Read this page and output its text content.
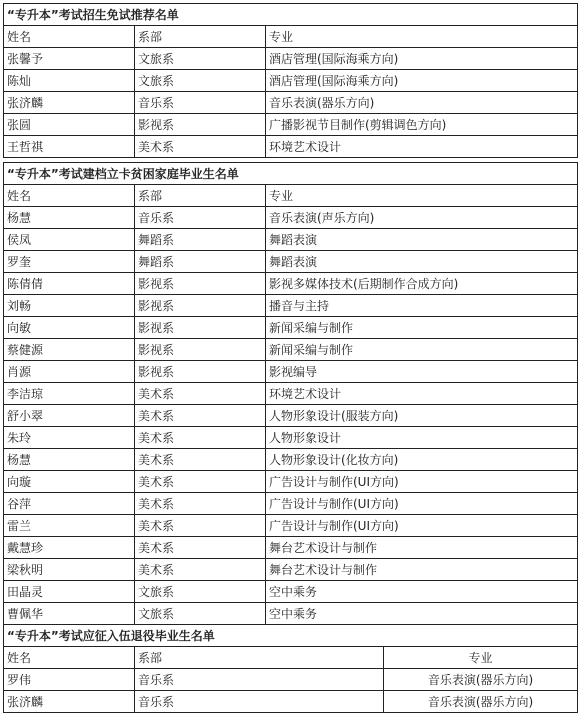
“专升本”考试招生免试推荐名单		
姓名	系部	专业
张馨予	文旅系	酒店管理(国际海乘方向)
陈灿	文旅系	酒店管理(国际海乘方向)
张济麟	音乐系	音乐表演(器乐方向)
张圆	影视系	广播影视节目制作(剪辑调色方向)
王哲祺	美术系	环境艺术设计
“专升本”考试建档立卡贫困家庭毕业生名单		
姓名	系部	专业
杨慧	音乐系	音乐表演(声乐方向)
侯凤	舞蹈系	舞蹈表演
罗奎	舞蹈系	舞蹈表演
陈倩倩	影视系	影视多媒体技术(后期制作合成方向)
刘畅	影视系	播音与主持
向敏	影视系	新闻采编与制作
蔡健源	影视系	新闻采编与制作
肖源	影视系	影视编导
李洁琼	美术系	环境艺术设计
舒小翠	美术系	人物形象设计(服装方向)
朱玲	美术系	人物形象设计
杨慧	美术系	人物形象设计(化妆方向)
向璇	美术系	广告设计与制作(UI方向)
谷萍	美术系	广告设计与制作(UI方向)
雷兰	美术系	广告设计与制作(UI方向)
戴慧珍	美术系	舞台艺术设计与制作
梁秋明	美术系	舞台艺术设计与制作
田晶灵	文旅系	空中乘务
曹佩华	文旅系	空中乘务
“专升本”考试应征入伍退役毕业生名单		
姓名	系部	专业
罗伟	音乐系	音乐表演(器乐方向)
张济麟	音乐系	音乐表演(器乐方向)
